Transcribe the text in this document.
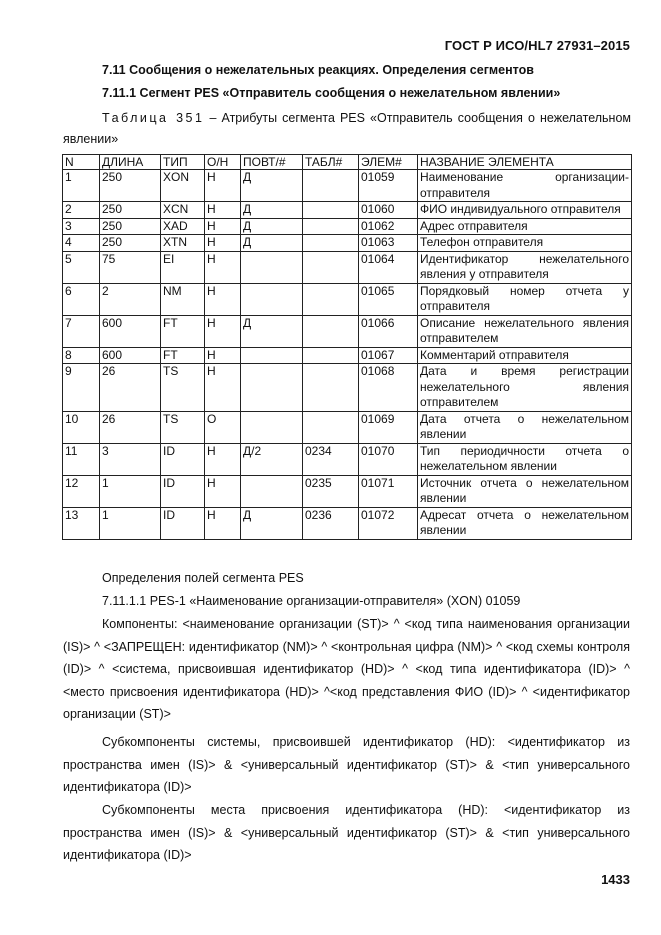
ГОСТ Р ИСО/HL7 27931–2015
7.11 Сообщения о нежелательных реакциях. Определения сегментов
7.11.1 Сегмент PES «Отправитель сообщения о нежелательном явлении»
Таблица 351 – Атрибуты сегмента PES «Отправитель сообщения о нежелательном явлении»
N	ДЛИНА	ТИП	О/Н	ПОВТ/#	ТАБЛ#	ЭЛЕМ#	НАЗВАНИЕ ЭЛЕМЕНТА
1	250	XON	Н	Д		01059	Наименование организации-отправителя
2	250	XCN	Н	Д		01060	ФИО индивидуального отправителя
3	250	XAD	Н	Д		01062	Адрес отправителя
4	250	XTN	Н	Д		01063	Телефон отправителя
5	75	EI	Н			01064	Идентификатор нежелательного явления у отправителя
6	2	NM	Н			01065	Порядковый номер отчета у отправителя
7	600	FT	Н	Д		01066	Описание нежелательного явления отправителем
8	600	FT	Н			01067	Комментарий отправителя
9	26	TS	Н			01068	Дата и время регистрации нежелательного явления отправителем
10	26	TS	О			01069	Дата отчета о нежелательном явлении
11	3	ID	Н	Д/2	0234	01070	Тип периодичности отчета о нежелательном явлении
12	1	ID	Н		0235	01071	Источник отчета о нежелательном явлении
13	1	ID	Н	Д	0236	01072	Адресат отчета о нежелательном явлении
Определения полей сегмента PES
7.11.1.1 PES-1 «Наименование организации-отправителя» (XON) 01059
Компоненты: <наименование организации (ST)> ^ <код типа наименования организации (IS)> ^ <ЗАПРЕЩЕН: идентификатор (NM)> ^ <контрольная цифра (NM)> ^ <код схемы контроля (ID)> ^ <система, присвоившая идентификатор (HD)> ^ <код типа идентификатора (ID)> ^ <место присвоения идентификатора (HD)> ^<код представления ФИО (ID)> ^ <идентификатор организации (ST)>
Субкомпоненты системы, присвоившей идентификатор (HD): <идентификатор из пространства имен (IS)> & <универсальный идентификатор (ST)> & <тип универсального идентификатора (ID)>
Субкомпоненты места присвоения идентификатора (HD): <идентификатор из пространства имен (IS)> & <универсальный идентификатор (ST)> & <тип универсального идентификатора (ID)>
1433
